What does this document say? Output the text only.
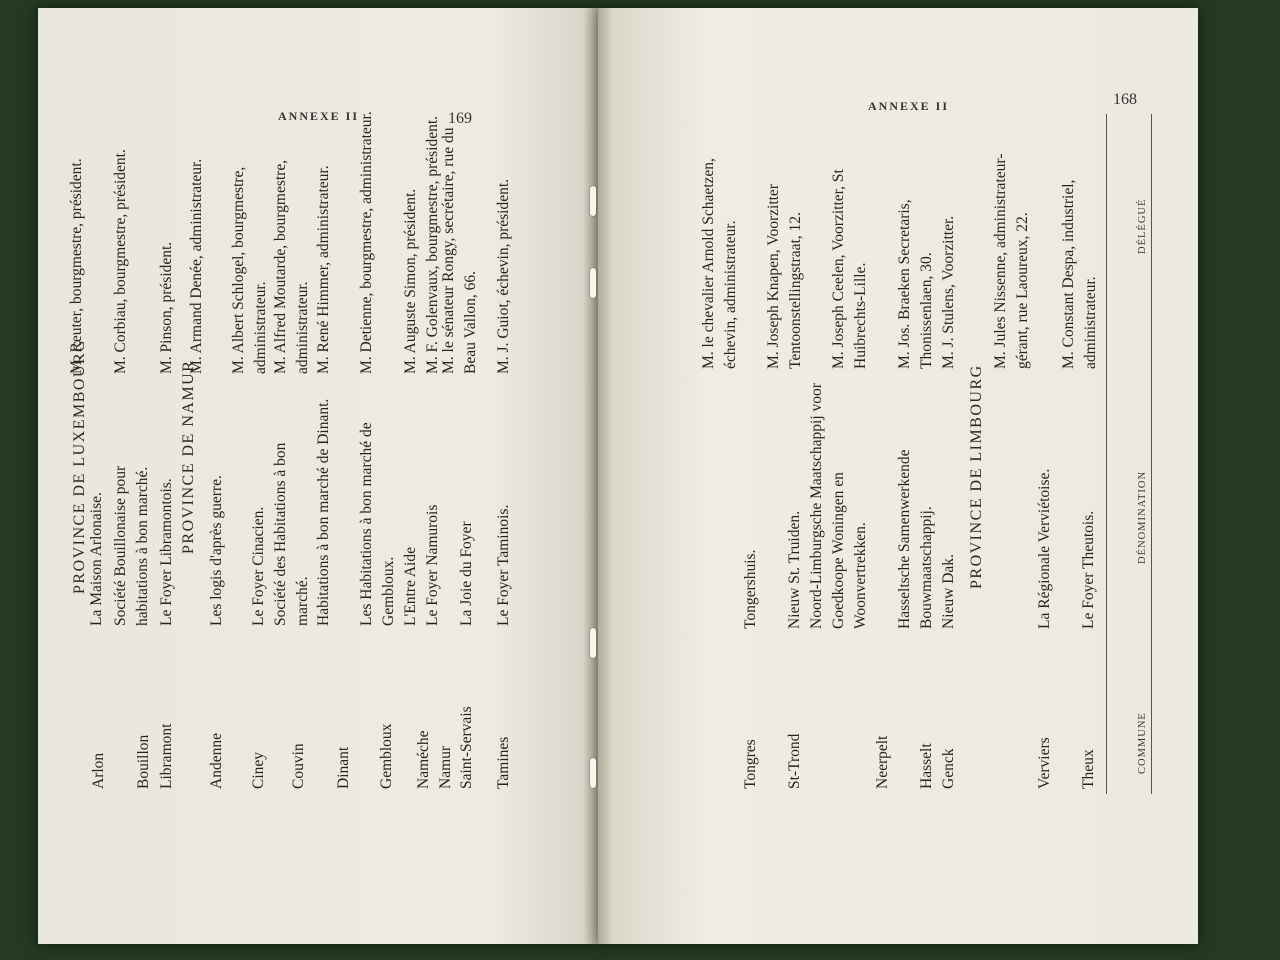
169
ANNEXE II
PROVINCE DE LUXEMBOURG
Arlon
La Maison Arlonaise.
M. Reuter, bourgmestre, président.
Bouillon
Société Bouillonaise pour habitations à bon marché.
M. Corbiau, bourgmestre, président.
Libramont
Le Foyer Libramontois.
M. Pinson, président.
PROVINCE DE NAMUR
Andenne
Les logis d'après guerre.
M. Armand Denée, administrateur.
Ciney
Le Foyer Cinacien.
M. Albert Schlogel, bourgmestre, administrateur.
Couvin
Société des Habitations à bon marché.
M. Alfred Moutarde, bourgmestre, administrateur.
Dinant
Habitations à bon marché de Dinant.
M. René Himmer, administrateur.
Gembloux
Les Habitations à bon marché de Gembloux.
M. Detienne, bourgmestre, administrateur.
Naméche
L'Entre Aide
M. Auguste Simon, président.
Namur
Le Foyer Namurois
M. F. Golenvaux, bourgmestre, président.
Saint-Servais
La Joie du Foyer
M. le sénateur Rongy, secrétaire, rue du Beau Vallon, 66.
Tamines
Le Foyer Taminois.
M. J. Guiot, échevin, président.
COMMUNE
DÉNOMINATION
DÉLÉGUÉ
168
ANNEXE II
Theux
Le Foyer Theutois.
M. Constant Despa, industriel, administrateur.
Verviers
La Régionale Verviétoise.
M. Jules Nissenne, administrateur-gérant, rue Laoureux, 22.
PROVINCE DE LIMBOURG
Genck
Nieuw Dak.
M. J. Stulens, Voorzitter.
Hasselt
Hasseltsche Samenwerkende Bouwmaatschappij.
M. Jos. Braeken Secretaris, Thonissenlaen, 30.
Neerpelt
Noord-Limburgsche Maatschappij voor Goedkoope Woningen en Woonvertrekken.
M. Joseph Ceelen, Voorzitter, St Huibrechts-Lille.
St-Trond
Nieuw St. Truiden.
M. Joseph Knapen, Voorzitter Tentoonstellingstraat, 12.
Tongres
Tongershuis.
M. le chevalier Arnold Schaetzen, échevin, administrateur.
